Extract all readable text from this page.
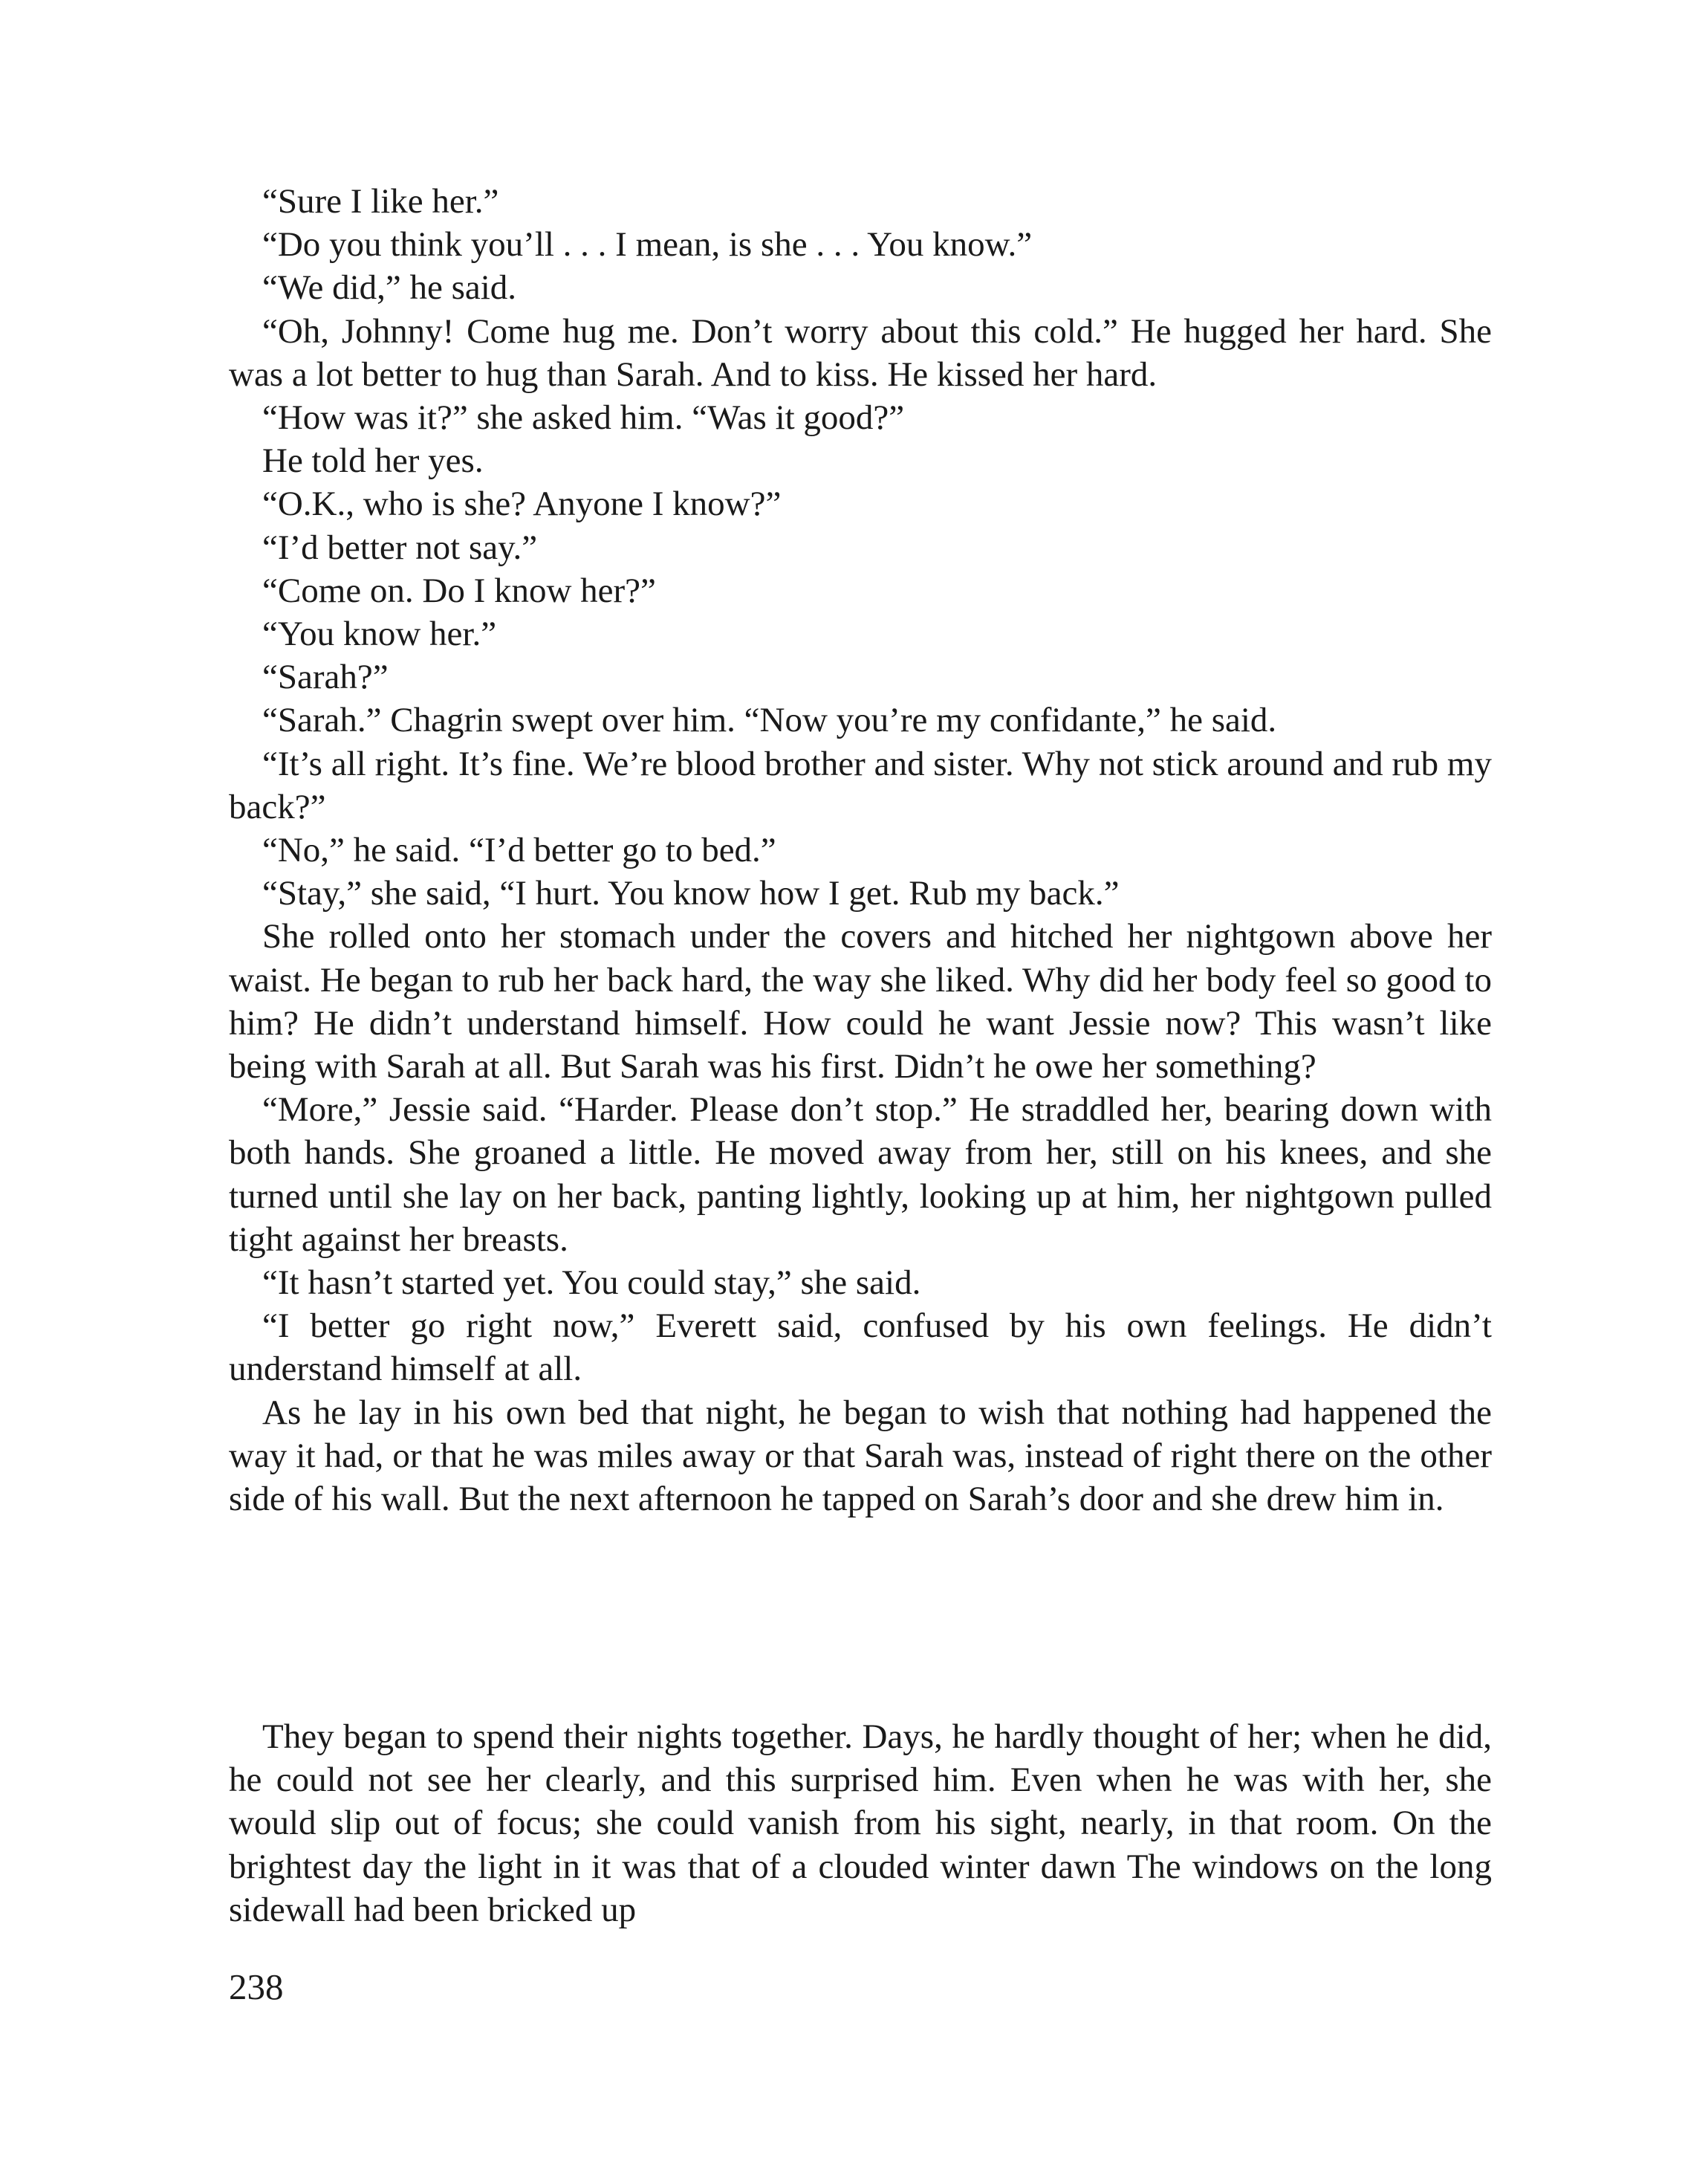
“Sure I like her.”

“Do you think you’ll . . . I mean, is she . . . You know.”

“We did,” he said.

“Oh, Johnny! Come hug me. Don’t worry about this cold.” He hugged her hard. She was a lot better to hug than Sarah. And to kiss. He kissed her hard.

“How was it?” she asked him. “Was it good?”

He told her yes.

“O.K., who is she? Anyone I know?”

“I’d better not say.”

“Come on. Do I know her?”

“You know her.”

“Sarah?”

“Sarah.” Chagrin swept over him. “Now you’re my confidante,” he said.

“It’s all right. It’s fine. We’re blood brother and sister. Why not stick around and rub my back?”

“No,” he said. “I’d better go to bed.”

“Stay,” she said, “I hurt. You know how I get. Rub my back.”

She rolled onto her stomach under the covers and hitched her nightgown above her waist. He began to rub her back hard, the way she liked. Why did her body feel so good to him? He didn’t understand himself. How could he want Jessie now? This wasn’t like being with Sarah at all. But Sarah was his first. Didn’t he owe her something?

“More,” Jessie said. “Harder. Please don’t stop.” He straddled her, bearing down with both hands. She groaned a little. He moved away from her, still on his knees, and she turned until she lay on her back, panting lightly, looking up at him, her nightgown pulled tight against her breasts.

“It hasn’t started yet. You could stay,” she said.

“I better go right now,” Everett said, confused by his own feelings. He didn’t understand himself at all.

As he lay in his own bed that night, he began to wish that nothing had happened the way it had, or that he was miles away or that Sarah was, instead of right there on the other side of his wall. But the next afternoon he tapped on Sarah’s door and she drew him in.

They began to spend their nights together. Days, he hardly thought of her; when he did, he could not see her clearly, and this surprised him. Even when he was with her, she would slip out of focus; she could vanish from his sight, nearly, in that room. On the brightest day the light in it was that of a clouded winter dawn The windows on the long sidewall had been bricked up

238
